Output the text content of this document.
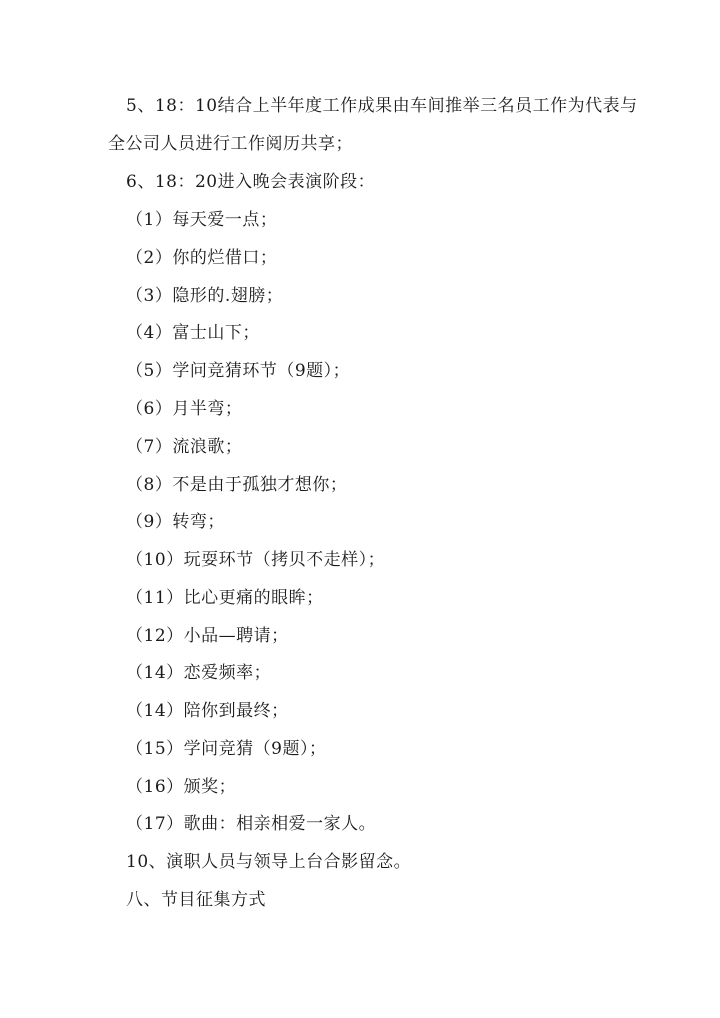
5、18：10结合上半年度工作成果由车间推举三名员工作为代表与
全公司人员进行工作阅历共享；
6、18：20进入晚会表演阶段：
（1）每天爱一点；
（2）你的烂借口；
（3）隐形的.翅膀；
（4）富士山下；
（5）学问竞猜环节（9题）；
（6）月半弯；
（7）流浪歌；
（8）不是由于孤独才想你；
（9）转弯；
（10）玩耍环节（拷贝不走样）；
（11）比心更痛的眼眸；
（12）小品—聘请；
（14）恋爱频率；
（14）陪你到最终；
（15）学问竞猜（9题）；
（16）颁奖；
（17）歌曲：相亲相爱一家人。
10、演职人员与领导上台合影留念。
八、节目征集方式
